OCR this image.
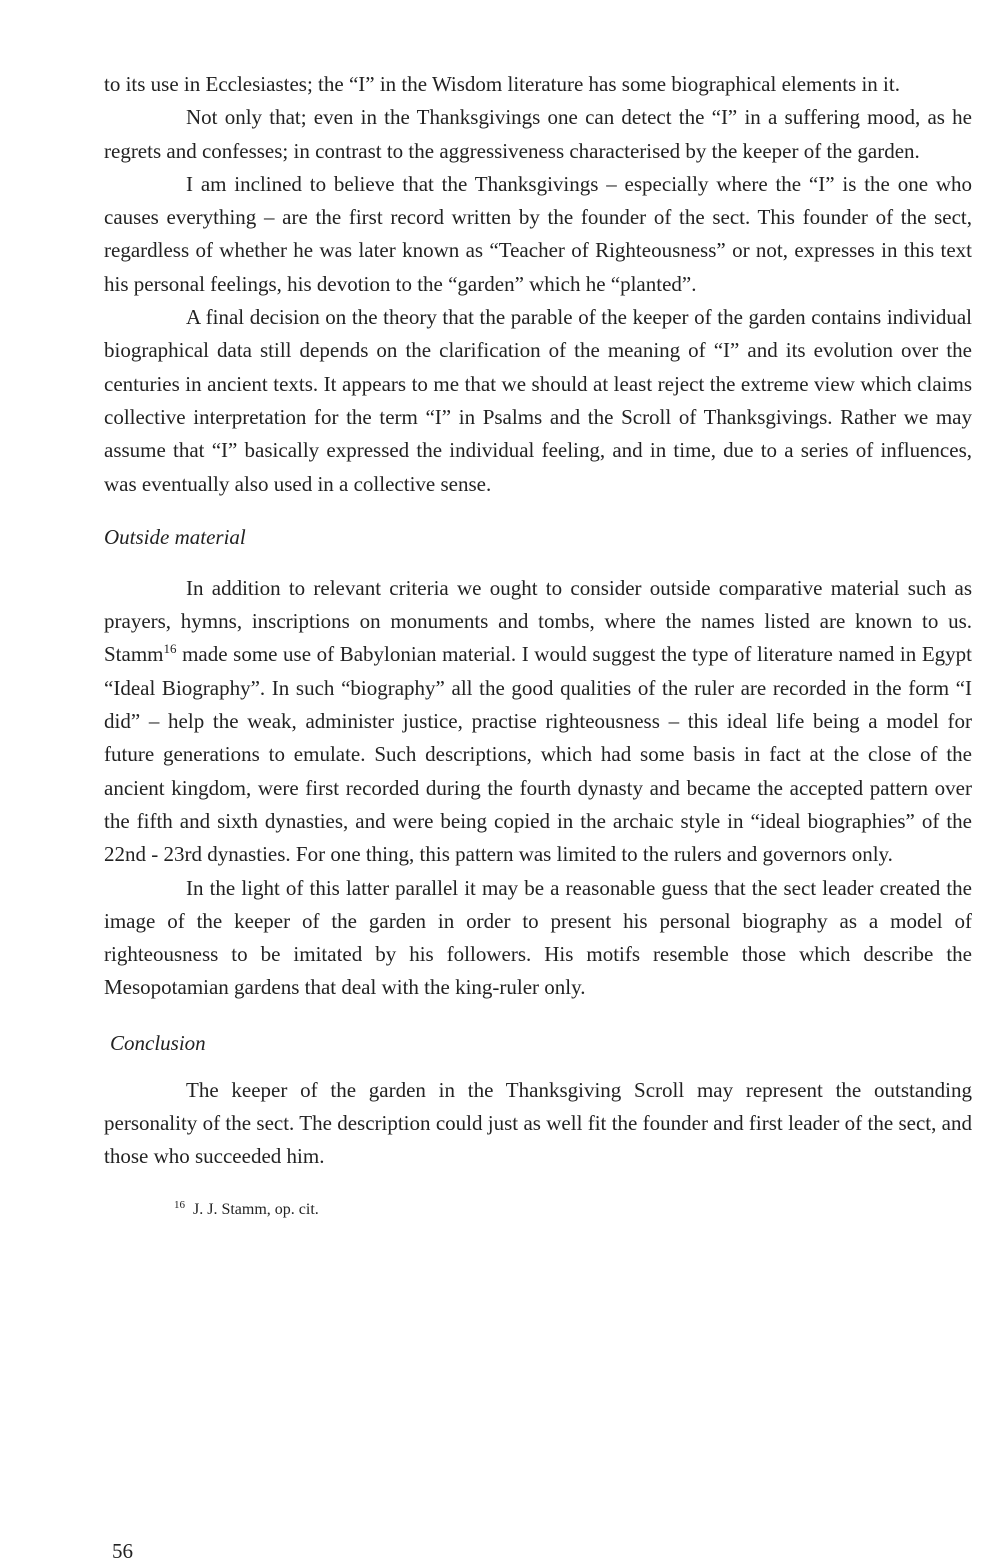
to its use in Ecclesiastes; the “I” in the Wisdom literature has some biographical elements in it.

Not only that; even in the Thanksgivings one can detect the “I” in a suffering mood, as he regrets and confesses; in contrast to the aggressiveness characterised by the keeper of the garden.

I am inclined to believe that the Thanksgivings – especially where the “I” is the one who causes everything – are the first record written by the founder of the sect. This founder of the sect, regardless of whether he was later known as “Teacher of Righteousness” or not, expresses in this text his personal feelings, his devotion to the “garden” which he “planted”.

A final decision on the theory that the parable of the keeper of the garden contains individual biographical data still depends on the clarification of the meaning of “I” and its evolution over the centuries in ancient texts. It appears to me that we should at least reject the extreme view which claims collective interpretation for the term “I” in Psalms and the Scroll of Thanksgivings. Rather we may assume that “I” basically expressed the individual feeling, and in time, due to a series of influences, was eventually also used in a collective sense.

Outside material

In addition to relevant criteria we ought to consider outside comparative material such as prayers, hymns, inscriptions on monuments and tombs, where the names listed are known to us. Stamm$^{16}$ made some use of Babylonian material. I would suggest the type of literature named in Egypt “Ideal Biography”. In such “biography” all the good qualities of the ruler are recorded in the form “I did” – help the weak, administer justice, practise righteousness – this ideal life being a model for future generations to emulate. Such descriptions, which had some basis in fact at the close of the ancient kingdom, were first recorded during the fourth dynasty and became the accepted pattern over the fifth and sixth dynasties, and were being copied in the archaic style in “ideal biographies” of the 22nd - 23rd dynasties. For one thing, this pattern was limited to the rulers and governors only.

In the light of this latter parallel it may be a reasonable guess that the sect leader created the image of the keeper of the garden in order to present his personal biography as a model of righteousness to be imitated by his followers. His motifs resemble those which describe the Mesopotamian gardens that deal with the king-ruler only.

Conclusion

The keeper of the garden in the Thanksgiving Scroll may represent the outstanding personality of the sect. The description could just as well fit the founder and first leader of the sect, and those who succeeded him.

$^{16}$ J. J. Stamm, op. cit.
56
